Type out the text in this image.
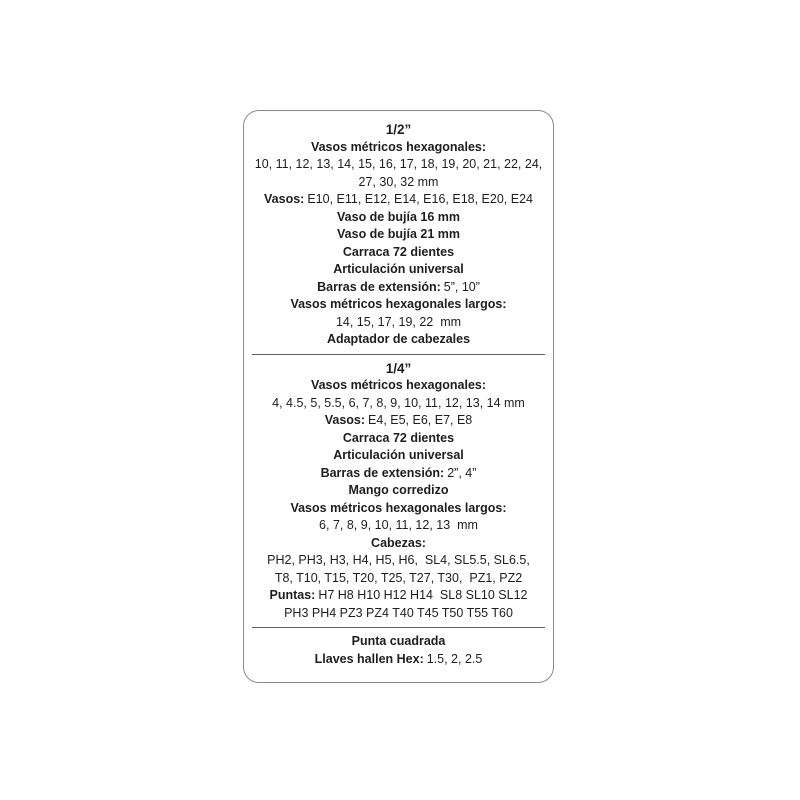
1/2”
Vasos métricos hexagonales:
10, 11, 12, 13, 14, 15, 16, 17, 18, 19, 20, 21, 22, 24,
27, 30, 32 mm
Vasos: E10, E11, E12, E14, E16, E18, E20, E24
Vaso de bujía 16 mm
Vaso de bujía 21 mm
Carraca 72 dientes
Articulación universal
Barras de extensión: 5”, 10”
Vasos métricos hexagonales largos:
14, 15, 17, 19, 22  mm
Adaptador de cabezales
1/4”
Vasos métricos hexagonales:
4, 4.5, 5, 5.5, 6, 7, 8, 9, 10, 11, 12, 13, 14 mm
Vasos: E4, E5, E6, E7, E8
Carraca 72 dientes
Articulación universal
Barras de extensión: 2”, 4”
Mango corredizo
Vasos métricos hexagonales largos:
6, 7, 8, 9, 10, 11, 12, 13  mm
Cabezas:
PH2, PH3, H3, H4, H5, H6,  SL4, SL5.5, SL6.5,
T8, T10, T15, T20, T25, T27, T30,  PZ1, PZ2
Puntas: H7 H8 H10 H12 H14  SL8 SL10 SL12
PH3 PH4 PZ3 PZ4 T40 T45 T50 T55 T60
Punta cuadrada
Llaves hallen Hex: 1.5, 2, 2.5
